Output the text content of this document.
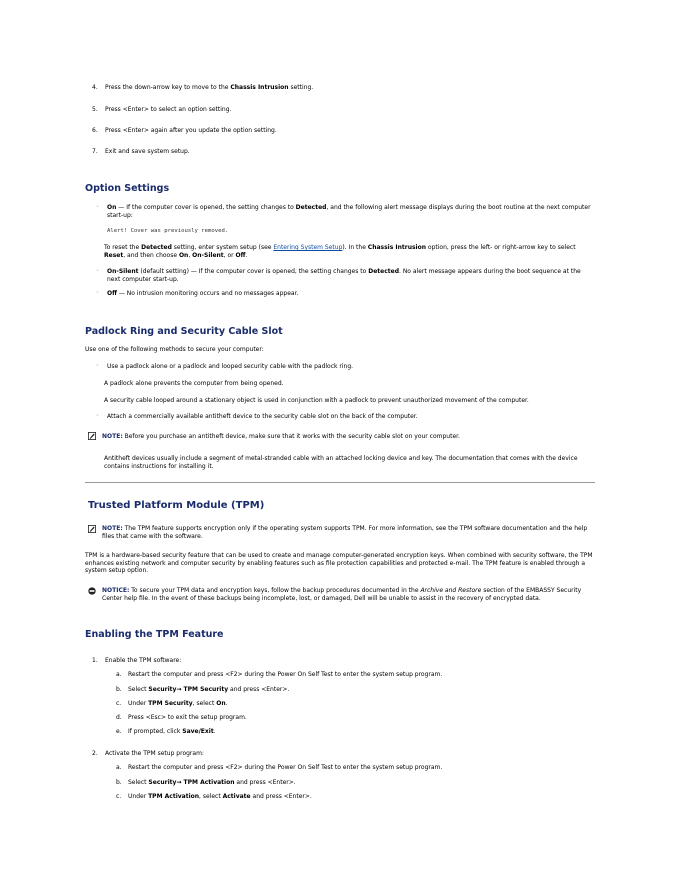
4. Press the down-arrow key to move to the Chassis Intrusion setting.
5. Press <Enter> to select an option setting.
6. Press <Enter> again after you update the option setting.
7. Exit and save system setup.
Option Settings
◦ On — If the computer cover is opened, the setting changes to Detected, and the following alert message displays during the boot routine at the next computer start-up:
Alert! Cover was previously removed.
To reset the Detected setting, enter system setup (see Entering System Setup). In the Chassis Intrusion option, press the left- or right-arrow key to select Reset, and then choose On, On-Silent, or Off.
◦ On-Silent (default setting) — If the computer cover is opened, the setting changes to Detected. No alert message appears during the boot sequence at the next computer start-up.
◦ Off — No intrusion monitoring occurs and no messages appear.
Padlock Ring and Security Cable Slot
Use one of the following methods to secure your computer:
◦ Use a padlock alone or a padlock and looped security cable with the padlock ring.
A padlock alone prevents the computer from being opened.
A security cable looped around a stationary object is used in conjunction with a padlock to prevent unauthorized movement of the computer.
◦ Attach a commercially available antitheft device to the security cable slot on the back of the computer.
NOTE: Before you purchase an antitheft device, make sure that it works with the security cable slot on your computer.
Antitheft devices usually include a segment of metal-stranded cable with an attached locking device and key. The documentation that comes with the device contains instructions for installing it.
Trusted Platform Module (TPM)
NOTE: The TPM feature supports encryption only if the operating system supports TPM. For more information, see the TPM software documentation and the help files that came with the software.
TPM is a hardware-based security feature that can be used to create and manage computer-generated encryption keys. When combined with security software, the TPM enhances existing network and computer security by enabling features such as file protection capabilities and protected e-mail. The TPM feature is enabled through a system setup option.
NOTICE: To secure your TPM data and encryption keys, follow the backup procedures documented in the Archive and Restore section of the EMBASSY Security Center help file. In the event of these backups being incomplete, lost, or damaged, Dell will be unable to assist in the recovery of encrypted data.
Enabling the TPM Feature
1. Enable the TPM software:
a. Restart the computer and press <F2> during the Power On Self Test to enter the system setup program.
b. Select Security→ TPM Security and press <Enter>.
c. Under TPM Security, select On.
d. Press <Esc> to exit the setup program.
e. If prompted, click Save/Exit.
2. Activate the TPM setup program:
a. Restart the computer and press <F2> during the Power On Self Test to enter the system setup program.
b. Select Security→ TPM Activation and press <Enter>.
c. Under TPM Activation, select Activate and press <Enter>.
